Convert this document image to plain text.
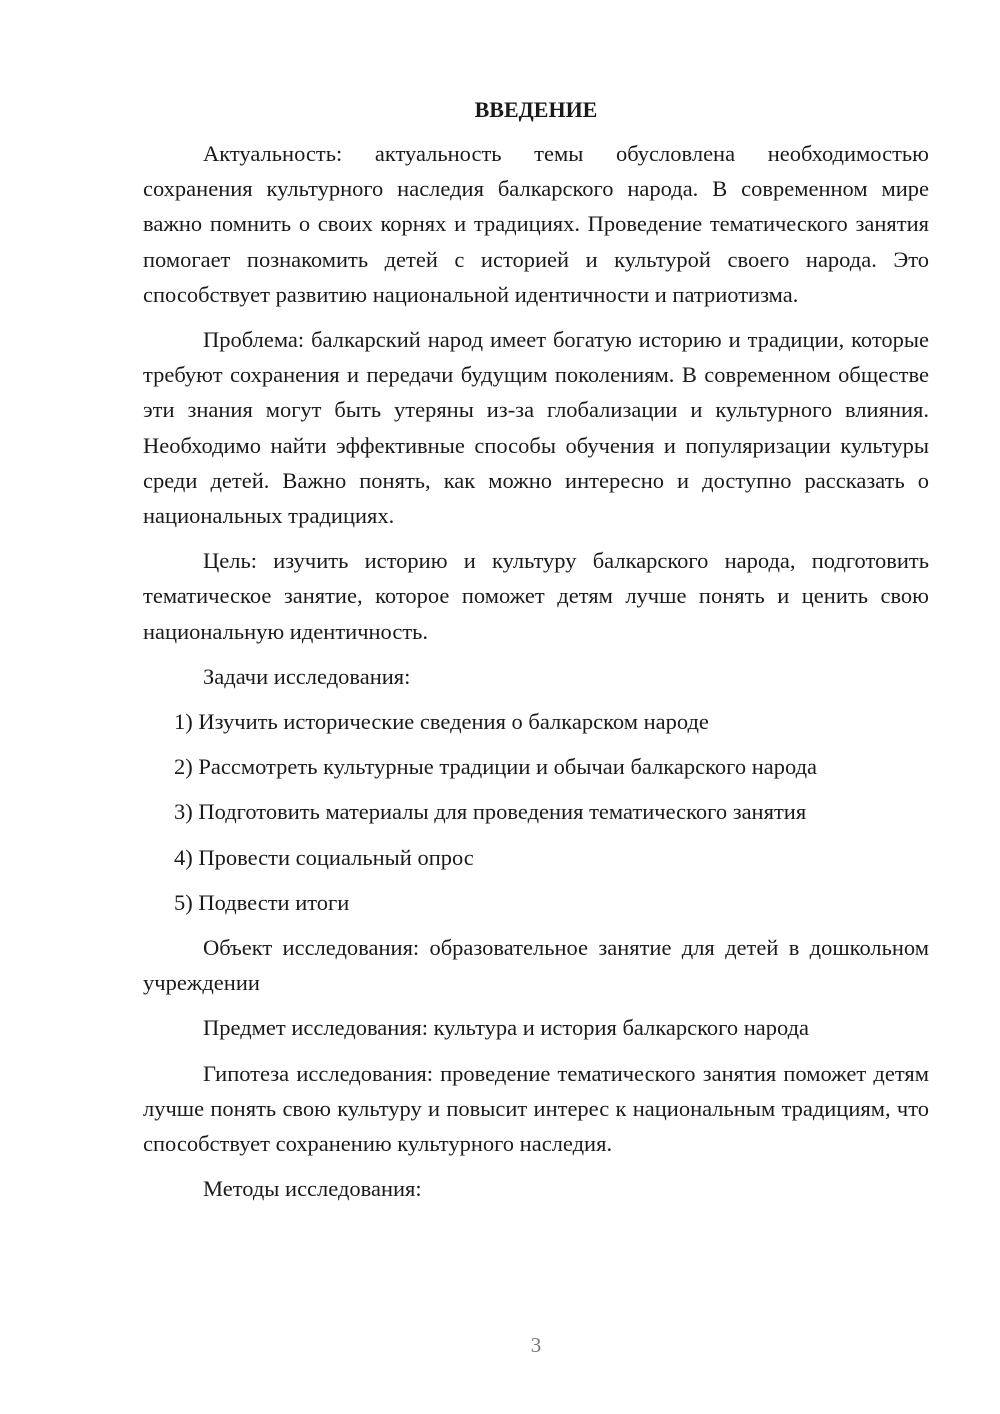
ВВЕДЕНИЕ

Актуальность: актуальность темы обусловлена необходимостью сохранения культурного наследия балкарского народа. В современном мире важно помнить о своих корнях и традициях. Проведение тематического занятия помогает познакомить детей с историей и культурой своего народа. Это способствует развитию национальной идентичности и патриотизма.

Проблема: балкарский народ имеет богатую историю и традиции, которые требуют сохранения и передачи будущим поколениям. В современном обществе эти знания могут быть утеряны из-за глобализации и культурного влияния. Необходимо найти эффективные способы обучения и популяризации культуры среди детей. Важно понять, как можно интересно и доступно рассказать о национальных традициях.

Цель: изучить историю и культуру балкарского народа, подготовить тематическое занятие, которое поможет детям лучше понять и ценить свою национальную идентичность.

Задачи исследования:

1) Изучить исторические сведения о балкарском народе

2) Рассмотреть культурные традиции и обычаи балкарского народа

3) Подготовить материалы для проведения тематического занятия

4) Провести социальный опрос

5) Подвести итоги

Объект исследования: образовательное занятие для детей в дошкольном учреждении

Предмет исследования: культура и история балкарского народа

Гипотеза исследования: проведение тематического занятия поможет детям лучше понять свою культуру и повысит интерес к национальным традициям, что способствует сохранению культурного наследия.

Методы исследования:

3
